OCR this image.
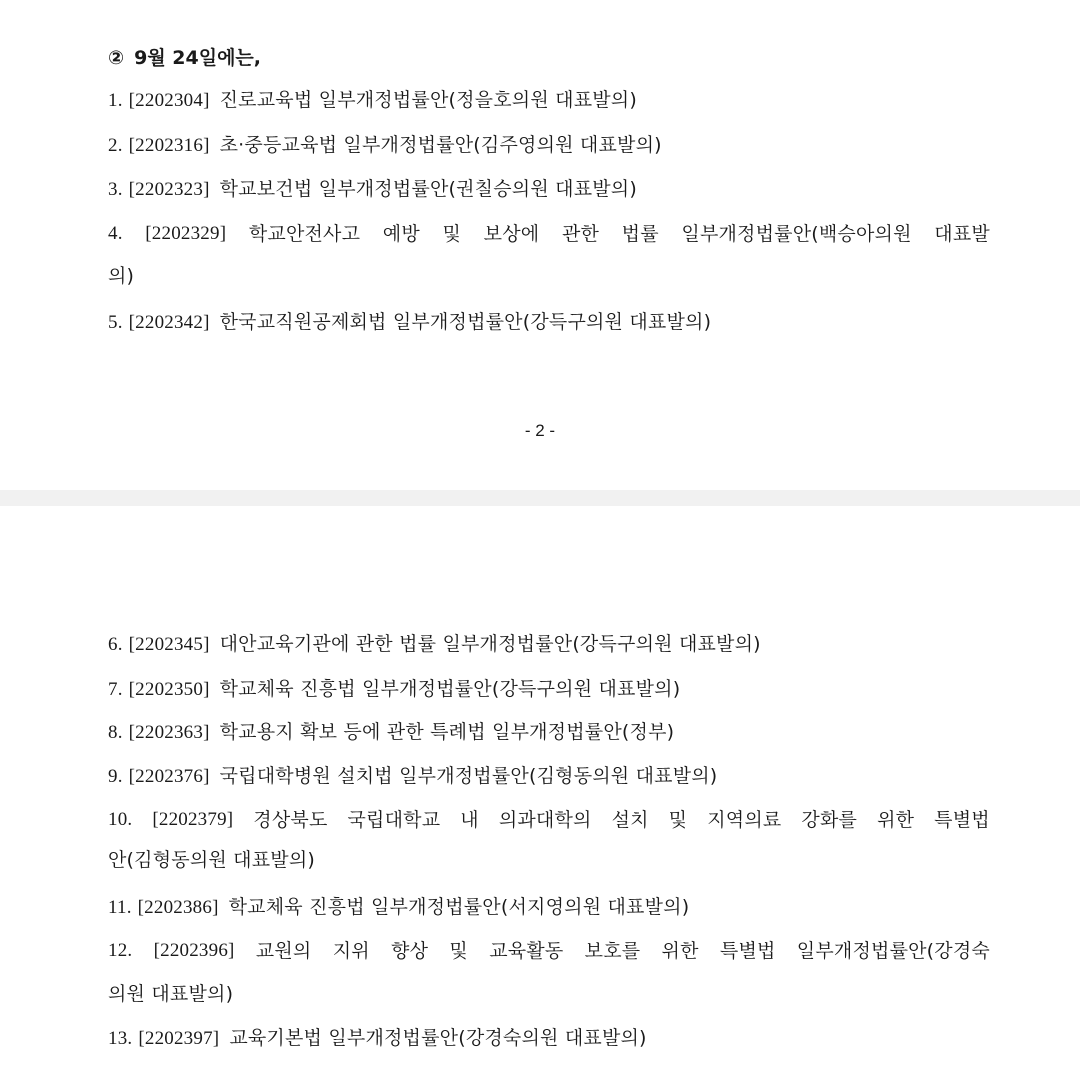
② 9월 24일에는,
1. [2202304] 진로교육법 일부개정법률안(정을호의원 대표발의)
2. [2202316] 초·중등교육법 일부개정법률안(김주영의원 대표발의)
3. [2202323] 학교보건법 일부개정법률안(권칠승의원 대표발의)
4. [2202329] 학교안전사고 예방 및 보상에 관한 법률 일부개정법률안(백승아의원 대표발
의)
5. [2202342] 한국교직원공제회법 일부개정법률안(강득구의원 대표발의)
- 2 -
6. [2202345] 대안교육기관에 관한 법률 일부개정법률안(강득구의원 대표발의)
7. [2202350] 학교체육 진흥법 일부개정법률안(강득구의원 대표발의)
8. [2202363] 학교용지 확보 등에 관한 특례법 일부개정법률안(정부)
9. [2202376] 국립대학병원 설치법 일부개정법률안(김형동의원 대표발의)
10. [2202379] 경상북도 국립대학교 내 의과대학의 설치 및 지역의료 강화를 위한 특별법
안(김형동의원 대표발의)
11. [2202386] 학교체육 진흥법 일부개정법률안(서지영의원 대표발의)
12. [2202396] 교원의 지위 향상 및 교육활동 보호를 위한 특별법 일부개정법률안(강경숙
의원 대표발의)
13. [2202397] 교육기본법 일부개정법률안(강경숙의원 대표발의)
